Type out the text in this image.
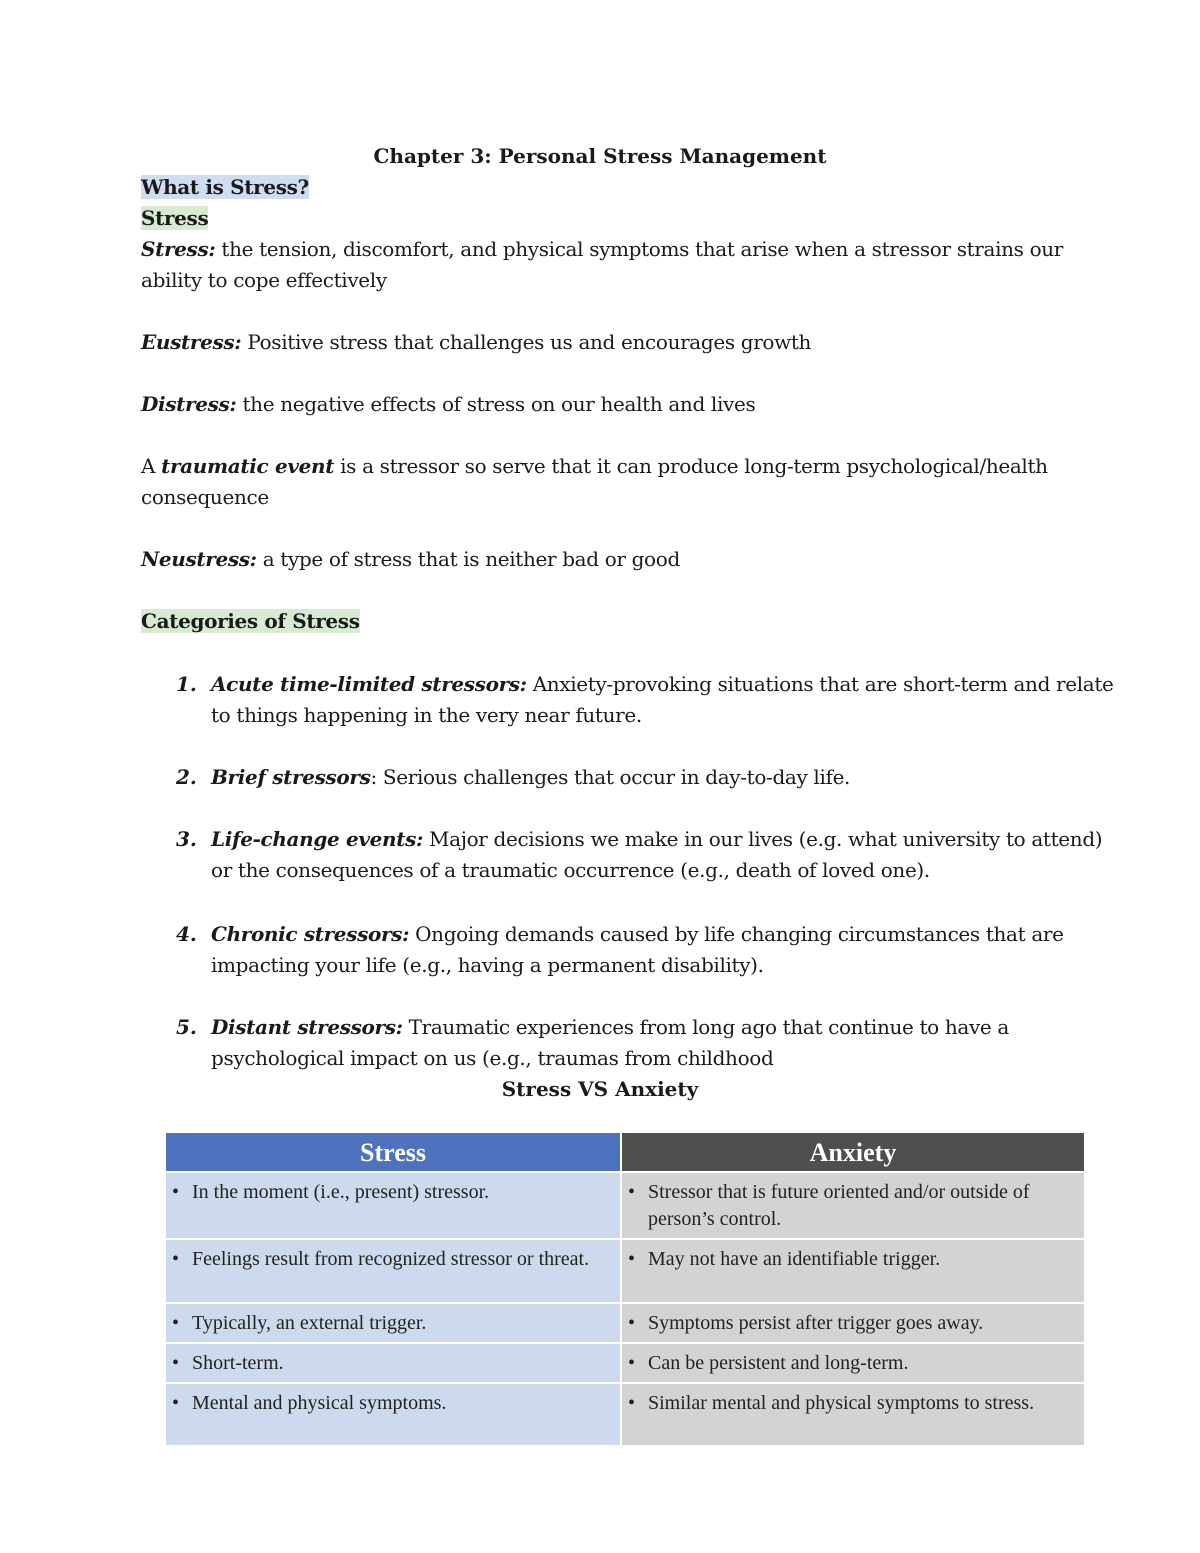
Chapter 3: Personal Stress Management
What is Stress?
Stress
Stress: the tension, discomfort, and physical symptoms that arise when a stressor strains our
ability to cope effectively
Eustress: Positive stress that challenges us and encourages growth
Distress: the negative effects of stress on our health and lives
A traumatic event is a stressor so serve that it can produce long-term psychological/health
consequence
Neustress: a type of stress that is neither bad or good
Categories of Stress
1. Acute time-limited stressors: Anxiety-provoking situations that are short-term and relate
to things happening in the very near future.
2. Brief stressors: Serious challenges that occur in day-to-day life.
3. Life-change events: Major decisions we make in our lives (e.g. what university to attend)
or the consequences of a traumatic occurrence (e.g., death of loved one).
4. Chronic stressors: Ongoing demands caused by life changing circumstances that are
impacting your life (e.g., having a permanent disability).
5. Distant stressors: Traumatic experiences from long ago that continue to have a
psychological impact on us (e.g., traumas from childhood
Stress VS Anxiety
Stress	Anxiety
• In the moment (i.e., present) stressor.	• Stressor that is future oriented and/or outside of person’s control.
• Feelings result from recognized stressor or threat.	• May not have an identifiable trigger.
• Typically, an external trigger.	• Symptoms persist after trigger goes away.
• Short-term.	• Can be persistent and long-term.
• Mental and physical symptoms.	• Similar mental and physical symptoms to stress.
